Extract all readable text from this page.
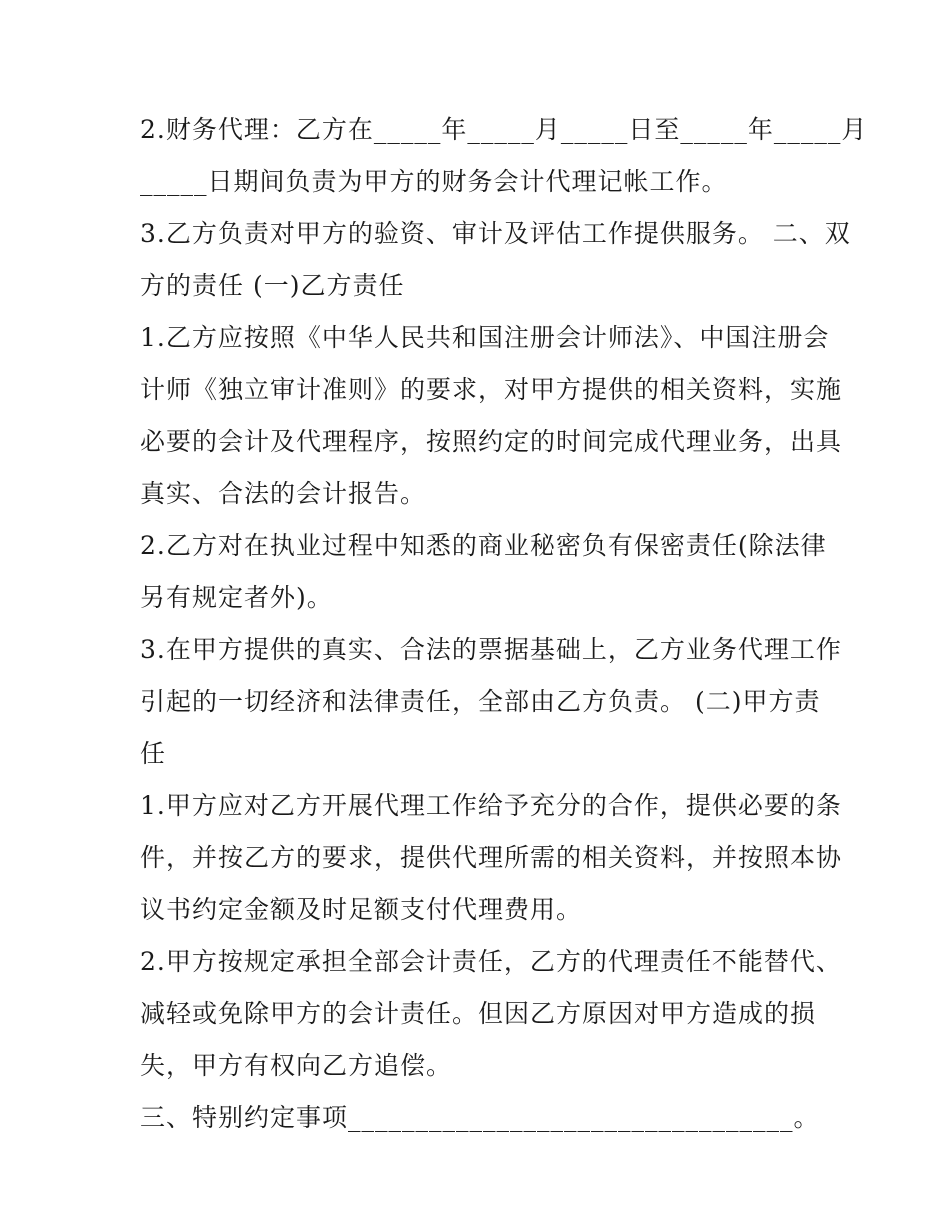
2.财务代理：乙方在_____年_____月_____日至_____年_____月
_____日期间负责为甲方的财务会计代理记帐工作。
3.乙方负责对甲方的验资、审计及评估工作提供服务。 二、双
方的责任 (一)乙方责任
1.乙方应按照《中华人民共和国注册会计师法》、中国注册会
计师《独立审计准则》的要求，对甲方提供的相关资料，实施
必要的会计及代理程序，按照约定的时间完成代理业务，出具
真实、合法的会计报告。
2.乙方对在执业过程中知悉的商业秘密负有保密责任(除法律
另有规定者外)。
3.在甲方提供的真实、合法的票据基础上，乙方业务代理工作
引起的一切经济和法律责任，全部由乙方负责。 (二)甲方责
任
1.甲方应对乙方开展代理工作给予充分的合作，提供必要的条
件，并按乙方的要求，提供代理所需的相关资料，并按照本协
议书约定金额及时足额支付代理费用。
2.甲方按规定承担全部会计责任，乙方的代理责任不能替代、
减轻或免除甲方的会计责任。但因乙方原因对甲方造成的损
失，甲方有权向乙方追偿。
三、特别约定事项_________________________________。
